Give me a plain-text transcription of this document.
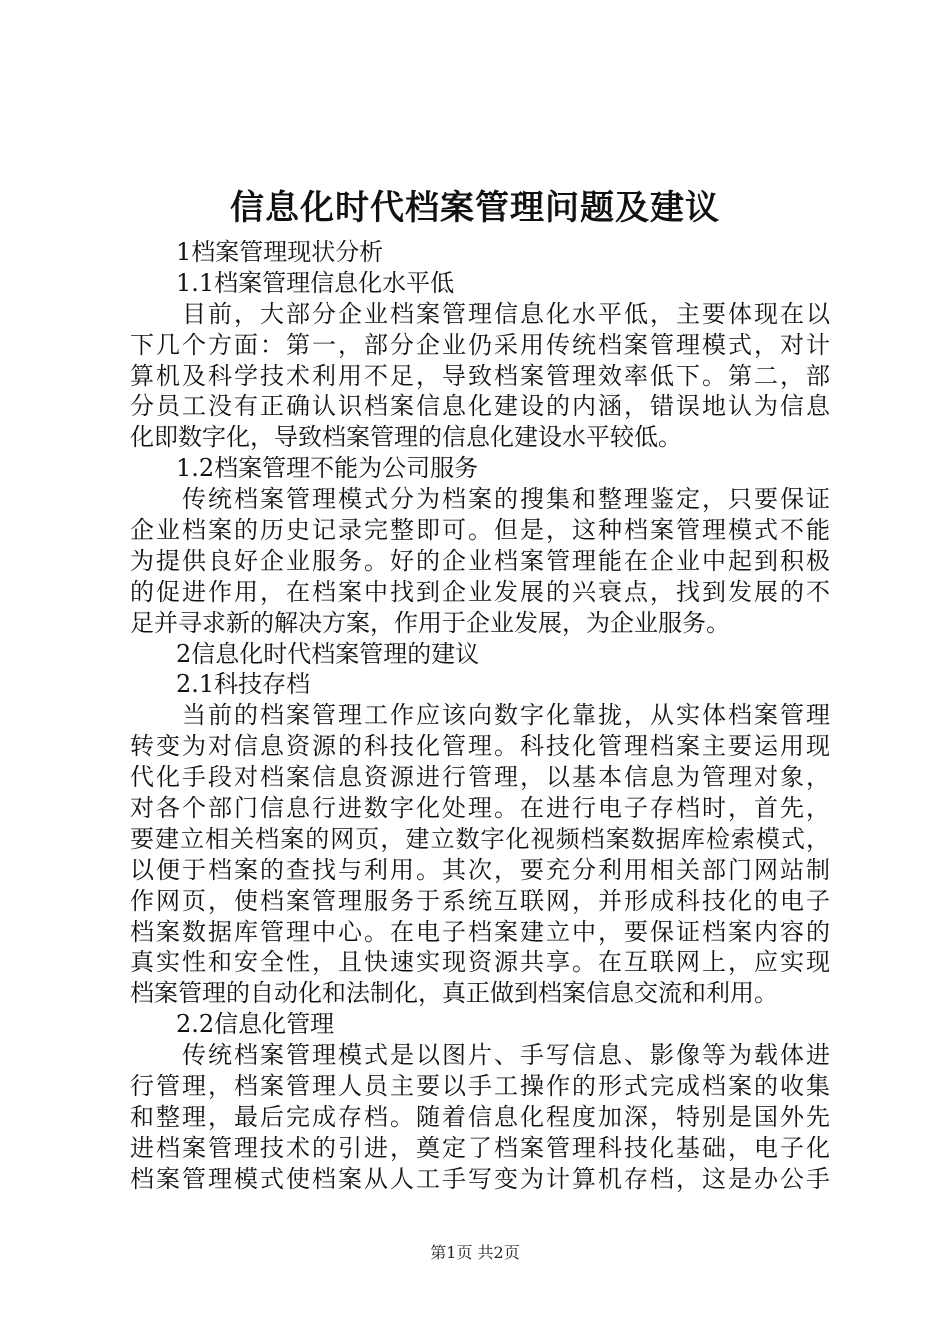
信息化时代档案管理问题及建议
1档案管理现状分析
1.1档案管理信息化水平低
目前，大部分企业档案管理信息化水平低，主要体现在以
下几个方面：第一，部分企业仍采用传统档案管理模式，对计
算机及科学技术利用不足，导致档案管理效率低下。第二，部
分员工没有正确认识档案信息化建设的内涵，错误地认为信息
化即数字化，导致档案管理的信息化建设水平较低。
1.2档案管理不能为公司服务
传统档案管理模式分为档案的搜集和整理鉴定，只要保证
企业档案的历史记录完整即可。但是，这种档案管理模式不能
为提供良好企业服务。好的企业档案管理能在企业中起到积极
的促进作用，在档案中找到企业发展的兴衰点，找到发展的不
足并寻求新的解决方案，作用于企业发展，为企业服务。
2信息化时代档案管理的建议
2.1科技存档
当前的档案管理工作应该向数字化靠拢，从实体档案管理
转变为对信息资源的科技化管理。科技化管理档案主要运用现
代化手段对档案信息资源进行管理，以基本信息为管理对象，
对各个部门信息行进数字化处理。在进行电子存档时，首先，
要建立相关档案的网页，建立数字化视频档案数据库检索模式，
以便于档案的查找与利用。其次，要充分利用相关部门网站制
作网页，使档案管理服务于系统互联网，并形成科技化的电子
档案数据库管理中心。在电子档案建立中，要保证档案内容的
真实性和安全性，且快速实现资源共享。在互联网上，应实现
档案管理的自动化和法制化，真正做到档案信息交流和利用。
2.2信息化管理
传统档案管理模式是以图片、手写信息、影像等为载体进
行管理，档案管理人员主要以手工操作的形式完成档案的收集
和整理，最后完成存档。随着信息化程度加深，特别是国外先
进档案管理技术的引进，奠定了档案管理科技化基础，电子化
档案管理模式使档案从人工手写变为计算机存档，这是办公手
第1页 共2页
